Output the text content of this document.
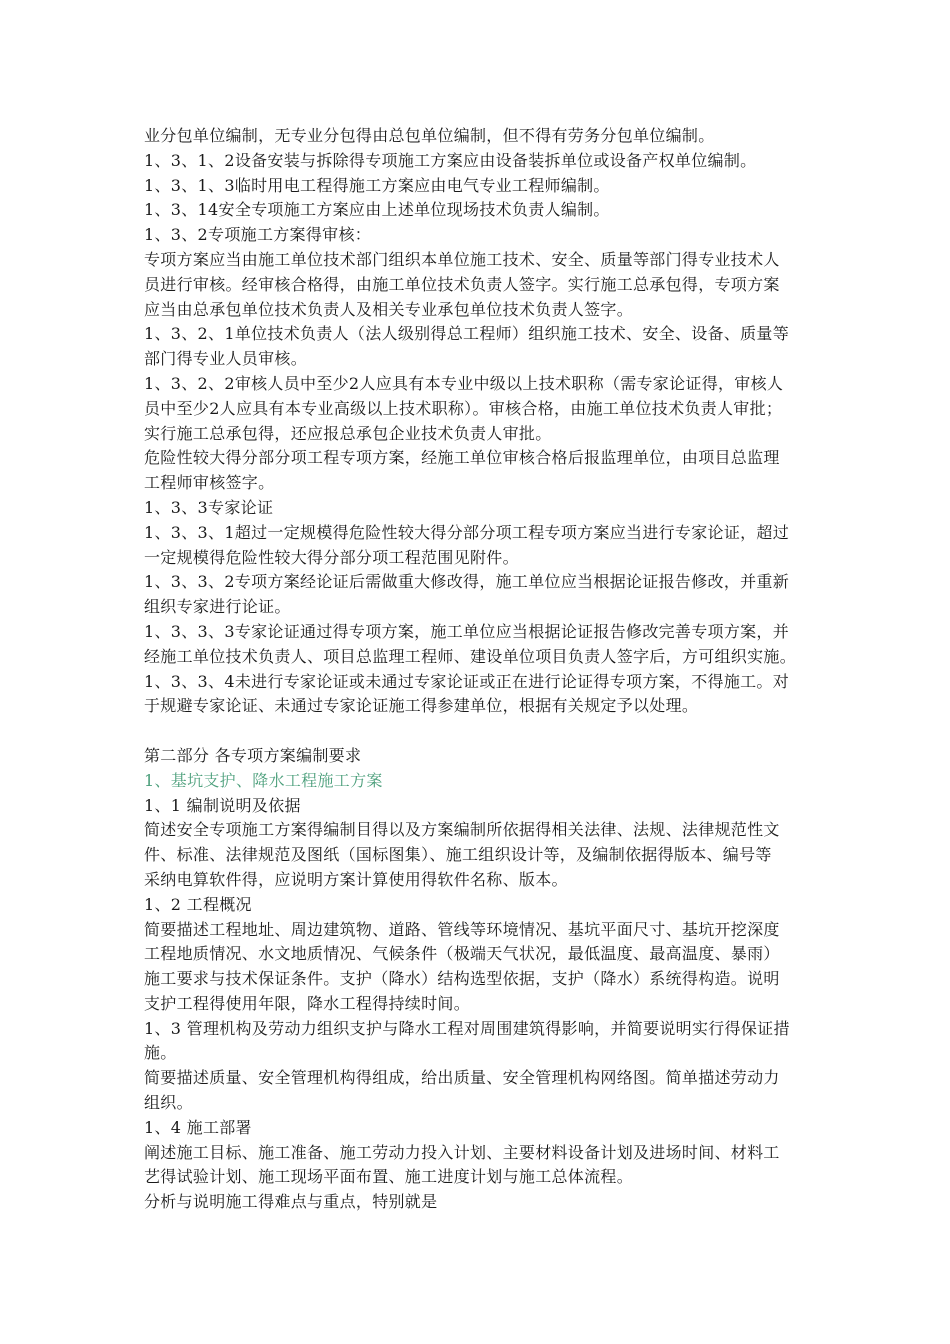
业分包单位编制，无专业分包得由总包单位编制，但不得有劳务分包单位编制。
1、3、1、2设备安装与拆除得专项施工方案应由设备装拆单位或设备产权单位编制。
1、3、1、3临时用电工程得施工方案应由电气专业工程师编制。
1、3、14安全专项施工方案应由上述单位现场技术负责人编制。
1、3、2专项施工方案得审核：
专项方案应当由施工单位技术部门组织本单位施工技术、安全、质量等部门得专业技术人
员进行审核。经审核合格得，由施工单位技术负责人签字。实行施工总承包得，专项方案
应当由总承包单位技术负责人及相关专业承包单位技术负责人签字。
1、3、2、1单位技术负责人（法人级别得总工程师）组织施工技术、安全、设备、质量等
部门得专业人员审核。
1、3、2、2审核人员中至少2人应具有本专业中级以上技术职称（需专家论证得，审核人
员中至少2人应具有本专业高级以上技术职称）。审核合格，由施工单位技术负责人审批；
实行施工总承包得，还应报总承包企业技术负责人审批。
危险性较大得分部分项工程专项方案，经施工单位审核合格后报监理单位，由项目总监理
工程师审核签字。
1、3、3专家论证
1、3、3、1超过一定规模得危险性较大得分部分项工程专项方案应当进行专家论证，超过
一定规模得危险性较大得分部分项工程范围见附件。
1、3、3、2专项方案经论证后需做重大修改得，施工单位应当根据论证报告修改，并重新
组织专家进行论证。
1、3、3、3专家论证通过得专项方案，施工单位应当根据论证报告修改完善专项方案，并
经施工单位技术负责人、项目总监理工程师、建设单位项目负责人签字后，方可组织实施。
1、3、3、4未进行专家论证或未通过专家论证或正在进行论证得专项方案，不得施工。对
于规避专家论证、未通过专家论证施工得参建单位，根据有关规定予以处理。
第二部分 各专项方案编制要求
1、基坑支护、降水工程施工方案
1、1 编制说明及依据
简述安全专项施工方案得编制目得以及方案编制所依据得相关法律、法规、法律规范性文
件、标准、法律规范及图纸（国标图集）、施工组织设计等，及编制依据得版本、编号等
采纳电算软件得，应说明方案计算使用得软件名称、版本。
1、2 工程概况
简要描述工程地址、周边建筑物、道路、管线等环境情况、基坑平面尺寸、基坑开挖深度
工程地质情况、水文地质情况、气候条件（极端天气状况，最低温度、最高温度、暴雨）
施工要求与技术保证条件。支护（降水）结构选型依据，支护（降水）系统得构造。说明
支护工程得使用年限，降水工程得持续时间。
1、3 管理机构及劳动力组织支护与降水工程对周围建筑得影响，并简要说明实行得保证措
施。
简要描述质量、安全管理机构得组成，给出质量、安全管理机构网络图。简单描述劳动力
组织。
1、4 施工部署
阐述施工目标、施工准备、施工劳动力投入计划、主要材料设备计划及进场时间、材料工
艺得试验计划、施工现场平面布置、施工进度计划与施工总体流程。
分析与说明施工得难点与重点，特别就是
